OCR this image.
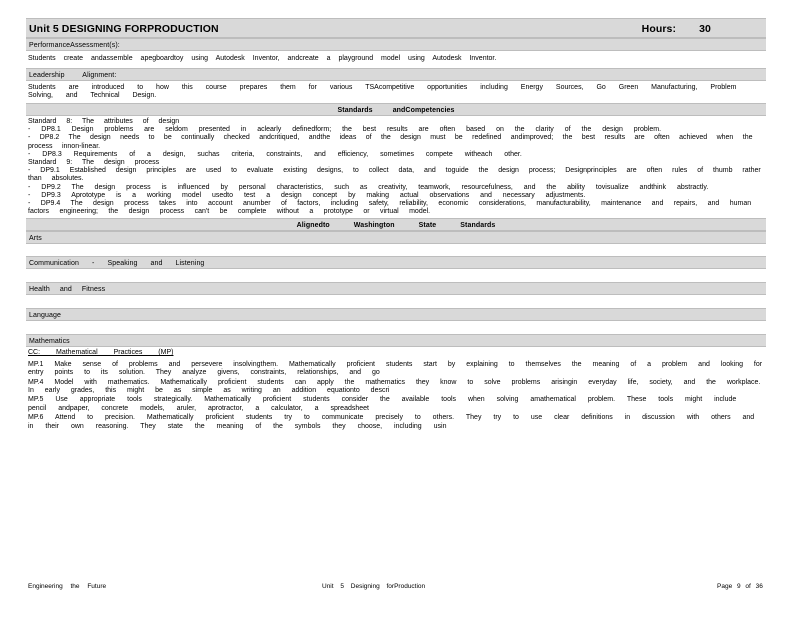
Unit 5 DESIGNING FORPRODUCTION	Hours: 30
PerformanceAssessment(s):
Students create andassemble apegboardtoy using Autodesk Inventor, andcreate a playground model using Autodesk Inventor.
Leadership Alignment:
Students are introduced to how this course prepares them for various TSAcompetitive opportunities including Energy Sources, Go Green Manufacturing, Problem Solving, and Technical Design.
Standards andCompetencies
Standard 8: The attributes of design
- DP8.1 Design problems are seldom presented in aclearly definedform; the best results are often based on the clarity of the design problem.
- DP8.2 The design needs to be continually checked andcritiqued, andthe ideas of the design must be redefined andimproved; the best results are often achieved when the process innon-linear.
- DP8.3 Requirements of a design, suchas criteria, constraints, and efficiency, sometimes compete witheach other.
Standard 9: The design process
- DP9.1 Established design principles are used to evaluate existing designs, to collect data, and toguide the design process; Designprinciples are often rules of thumb rather than absolutes.
- DP9.2 The design process is influenced by personal characteristics, such as creativity, teamwork, resourcefulness, and the ability tovisualize andthink abstractly.
- DP9.3 Aprototype is a working model usedto test a design concept by making actual observations and necessary adjustments.
- DP9.4 The design process takes into account anumber of factors, including safety, reliability, economic considerations, manufacturability, maintenance and repairs, and human factors engineering; the design process can't be complete without a prototype or virtual model.
Alignedto Washington State Standards
Arts
Communication - Speaking and Listening
Health and Fitness
Language
Mathematics
CC: Mathematical Practices (MP)
MP.1 Make sense of problems and persevere insolvingthem. Mathematically proficient students start by explaining to themselves the meaning of a problem and looking for entry points to its solution. They analyze givens, constraints, relationships, and go
MP.4 Model with mathematics. Mathematically proficient students can apply the mathematics they know to solve problems arisingin everyday life, society, and the workplace. In early grades, this might be as simple as writing an addition equationto descri
MP.5 Use appropriate tools strategically. Mathematically proficient students consider the available tools when solving amathematical problem. These tools might include pencil andpaper, concrete models, aruler, aprotractor, a calculator, a spreadsheet
MP.6 Attend to precision. Mathematically proficient students try to communicate precisely to others. They try to use clear definitions in discussion with others and in their own reasoning. They state the meaning of the symbols they choose, including usin
Engineering the Future	Unit 5 Designing forProduction	Page 9 of 36
